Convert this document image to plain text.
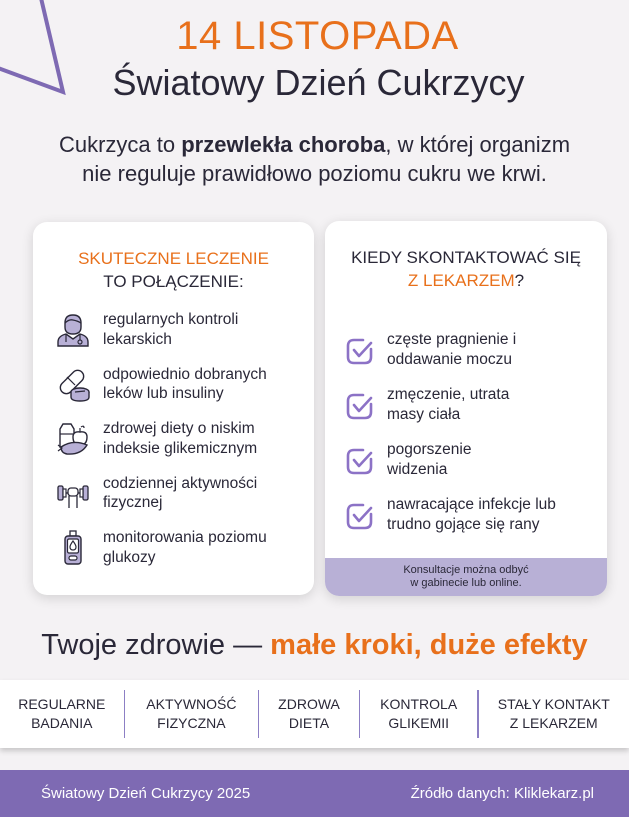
14 LISTOPADA
Światowy Dzień Cukrzycy
Cukrzyca to przewlekła choroba, w której organizm
nie reguluje prawidłowo poziomu cukru we krwi.
SKUTECZNE LECZENIE
TO POŁĄCZENIE:
regularnych kontroli
lekarskich
odpowiednio dobranych
leków lub insuliny
zdrowej diety o niskim
indeksie glikemicznym
codziennej aktywności
fizycznej
monitorowania poziomu
glukozy
KIEDY SKONTAKTOWAĆ SIĘ
Z LEKARZEM?
częste pragnienie i
oddawanie moczu
zmęczenie, utrata
masy ciała
pogorszenie
widzenia
nawracające infekcje lub
trudno gojące się rany
Konsultacje można odbyć
w gabinecie lub online.
Twoje zdrowie — małe kroki, duże efekty
REGULARNE
BADANIA
AKTYWNOŚĆ
FIZYCZNA
ZDROWA
DIETA
KONTROLA
GLIKEMII
STAŁY KONTAKT
Z LEKARZEM
Światowy Dzień Cukrzycy 2025	Źródło danych: Kliklekarz.pl
